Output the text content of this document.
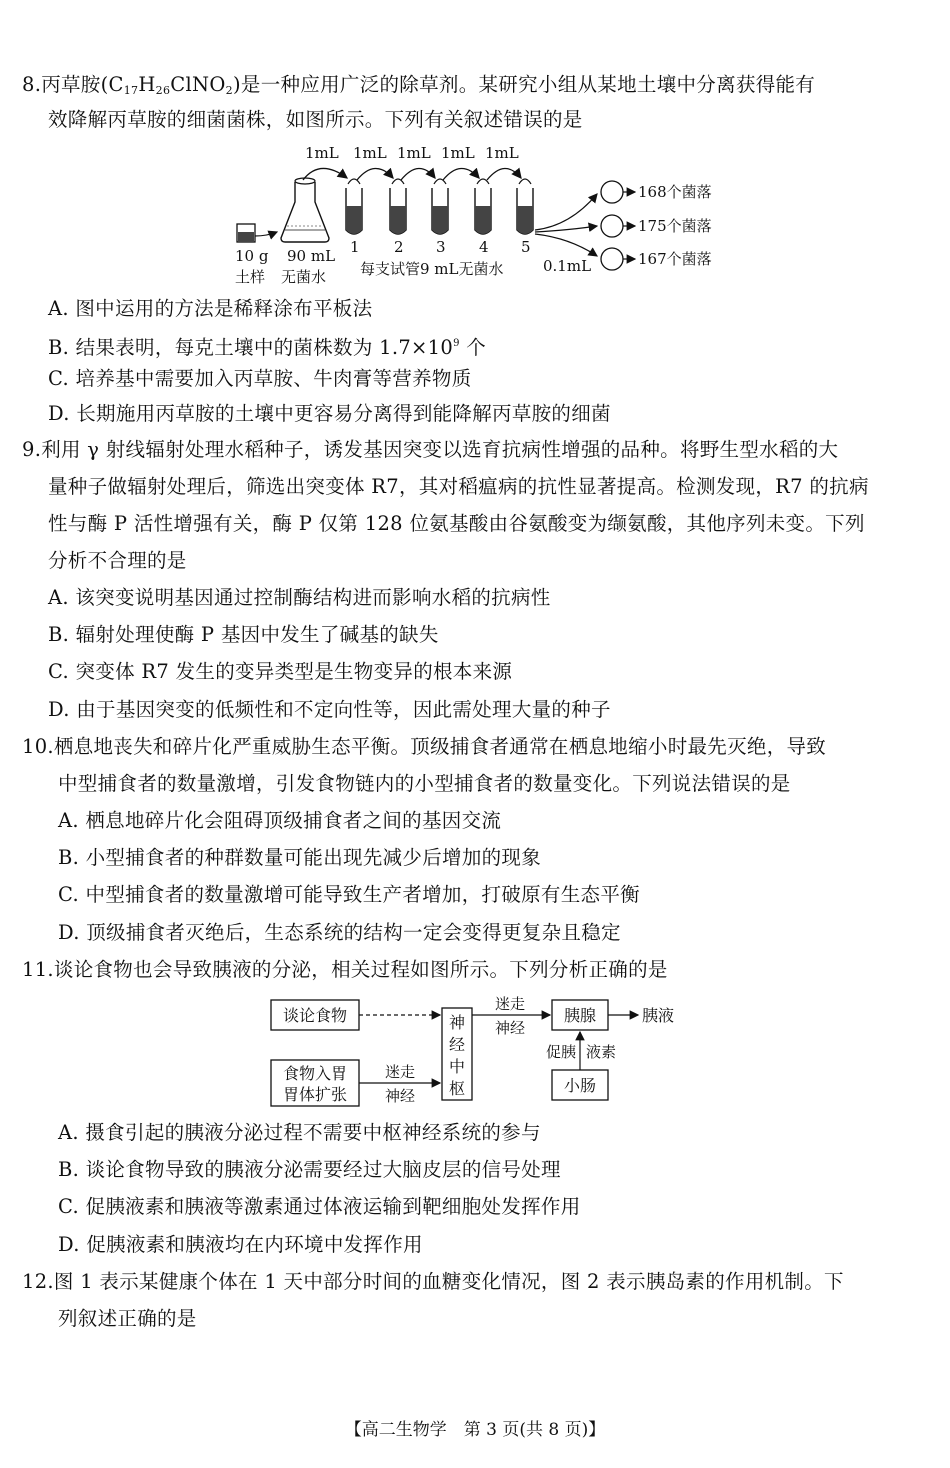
8.丙草胺$(C_{17}H_{26}ClNO_2)$是一种应用广泛的除草剂。某研究小组从某地土壤中分离获得能有
效降解丙草胺的细菌菌株，如图所示。下列有关叙述错误的是
1mL 1mL 1mL 1mL 1mL
10 g
土样
90 mL
无菌水
1 2 3 4 5
每支试管9 mL无菌水	0.1mL
168个菌落
175个菌落
167个菌落
A. 图中运用的方法是稀释涂布平板法
B. 结果表明，每克土壤中的菌株数为 $1.7\times 10^9$ 个
C. 培养基中需要加入丙草胺、牛肉膏等营养物质
D. 长期施用丙草胺的土壤中更容易分离得到能降解丙草胺的细菌
9.利用 γ 射线辐射处理水稻种子，诱发基因突变以选育抗病性增强的品种。将野生型水稻的大
量种子做辐射处理后，筛选出突变体 R7，其对稻瘟病的抗性显著提高。检测发现，R7 的抗病
性与酶 P 活性增强有关，酶 P 仅第 128 位氨基酸由谷氨酸变为缬氨酸，其他序列未变。下列
分析不合理的是
A. 该突变说明基因通过控制酶结构进而影响水稻的抗病性
B. 辐射处理使酶 P 基因中发生了碱基的缺失
C. 突变体 R7 发生的变异类型是生物变异的根本来源
D. 由于基因突变的低频性和不定向性等，因此需处理大量的种子
10.栖息地丧失和碎片化严重威胁生态平衡。顶级捕食者通常在栖息地缩小时最先灭绝，导致
中型捕食者的数量激增，引发食物链内的小型捕食者的数量变化。下列说法错误的是
A. 栖息地碎片化会阻碍顶级捕食者之间的基因交流
B. 小型捕食者的种群数量可能出现先减少后增加的现象
C. 中型捕食者的数量激增可能导致生产者增加，打破原有生态平衡
D. 顶级捕食者灭绝后，生态系统的结构一定会变得更复杂且稳定
11.谈论食物也会导致胰液的分泌，相关过程如图所示。下列分析正确的是
谈论食物
食物入胃
胃体扩张
迷走
神经
神
经
中
枢
迷走
神经
胰腺	胰液
促胰 液素
小肠
A. 摄食引起的胰液分泌过程不需要中枢神经系统的参与
B. 谈论食物导致的胰液分泌需要经过大脑皮层的信号处理
C. 促胰液素和胰液等激素通过体液运输到靶细胞处发挥作用
D. 促胰液素和胰液均在内环境中发挥作用
12.图 1 表示某健康个体在 1 天中部分时间的血糖变化情况，图 2 表示胰岛素的作用机制。下
列叙述正确的是
【高二生物学　第 3 页(共 8 页)】
